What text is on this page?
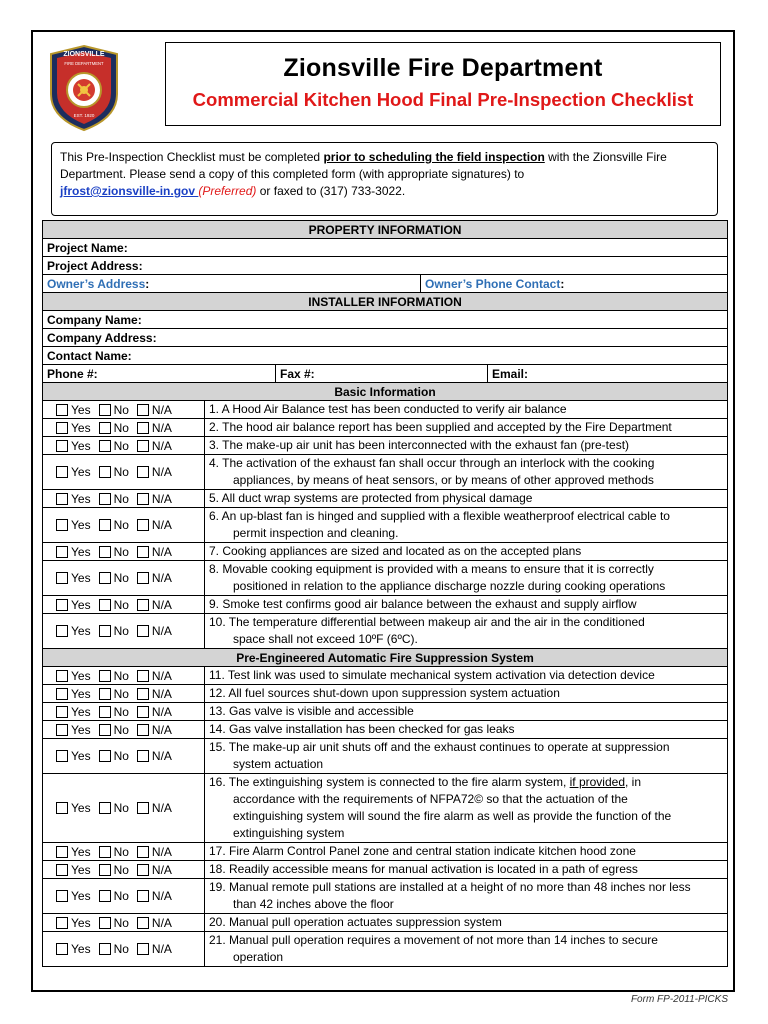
ZIONSVILLE
FIRE DEPARTMENT
EST. 1920
Zionsville Fire Department
Commercial Kitchen Hood Final Pre-Inspection Checklist
This Pre-Inspection Checklist must be completed prior to scheduling the field inspection with the Zionsville Fire Department. Please send a copy of this completed form (with appropriate signatures) to
jfrost@zionsville-in.gov (Preferred) or faxed to (317) 733-3022.
PROPERTY INFORMATION				
Project Name:				
Project Address:				
Owner’s Address:			Owner’s Phone Contact:	
INSTALLER INFORMATION				
Company Name:				
Company Address:				
Contact Name:				
Phone #:		Fax #:		Email:
Basic Information				
Yes No N/A	1. A Hood Air Balance test has been conducted to verify air balance			
Yes No N/A	2. The hood air balance report has been supplied and accepted by the Fire Department			
Yes No N/A	3. The make-up air unit has been interconnected with the exhaust fan (pre-test)			
Yes No N/A	4. The activation of the exhaust fan shall occur through an interlock with the cooking
appliances, by means of heat sensors, or by means of other approved methods			

Yes No N/A	5. All duct wrap systems are protected from physical damage			
Yes No N/A	6. An up-blast fan is hinged and supplied with a flexible weatherproof electrical cable to
permit inspection and cleaning.			

Yes No N/A	7. Cooking appliances are sized and located as on the accepted plans			
Yes No N/A	8. Movable cooking equipment is provided with a means to ensure that it is correctly
positioned in relation to the appliance discharge nozzle during cooking operations			

Yes No N/A	9. Smoke test confirms good air balance between the exhaust and supply airflow			
Yes No N/A	10. The temperature differential between makeup air and the air in the conditioned
space shall not exceed 10ºF (6ºC).			

Pre-Engineered Automatic Fire Suppression System				
Yes No N/A	11. Test link was used to simulate mechanical system activation via detection device			
Yes No N/A	12. All fuel sources shut-down upon suppression system actuation			
Yes No N/A	13. Gas valve is visible and accessible			
Yes No N/A	14. Gas valve installation has been checked for gas leaks			
Yes No N/A	15. The make-up air unit shuts off and the exhaust continues to operate at suppression
system actuation			

Yes No N/A	16. The extinguishing system is connected to the fire alarm system, if provided, in
accordance with the requirements of NFPA72© so that the actuation of the
extinguishing system will sound the fire alarm as well as provide the function of the
extinguishing system			

Yes No N/A	17. Fire Alarm Control Panel zone and central station indicate kitchen hood zone			
Yes No N/A	18. Readily accessible means for manual activation is located in a path of egress			
Yes No N/A	19. Manual remote pull stations are installed at a height of no more than 48 inches nor less
than 42 inches above the floor			

Yes No N/A	20. Manual pull operation actuates suppression system			
Yes No N/A	21. Manual pull operation requires a movement of not more than 14 inches to secure
operation			
Form FP-2011-PICKS
